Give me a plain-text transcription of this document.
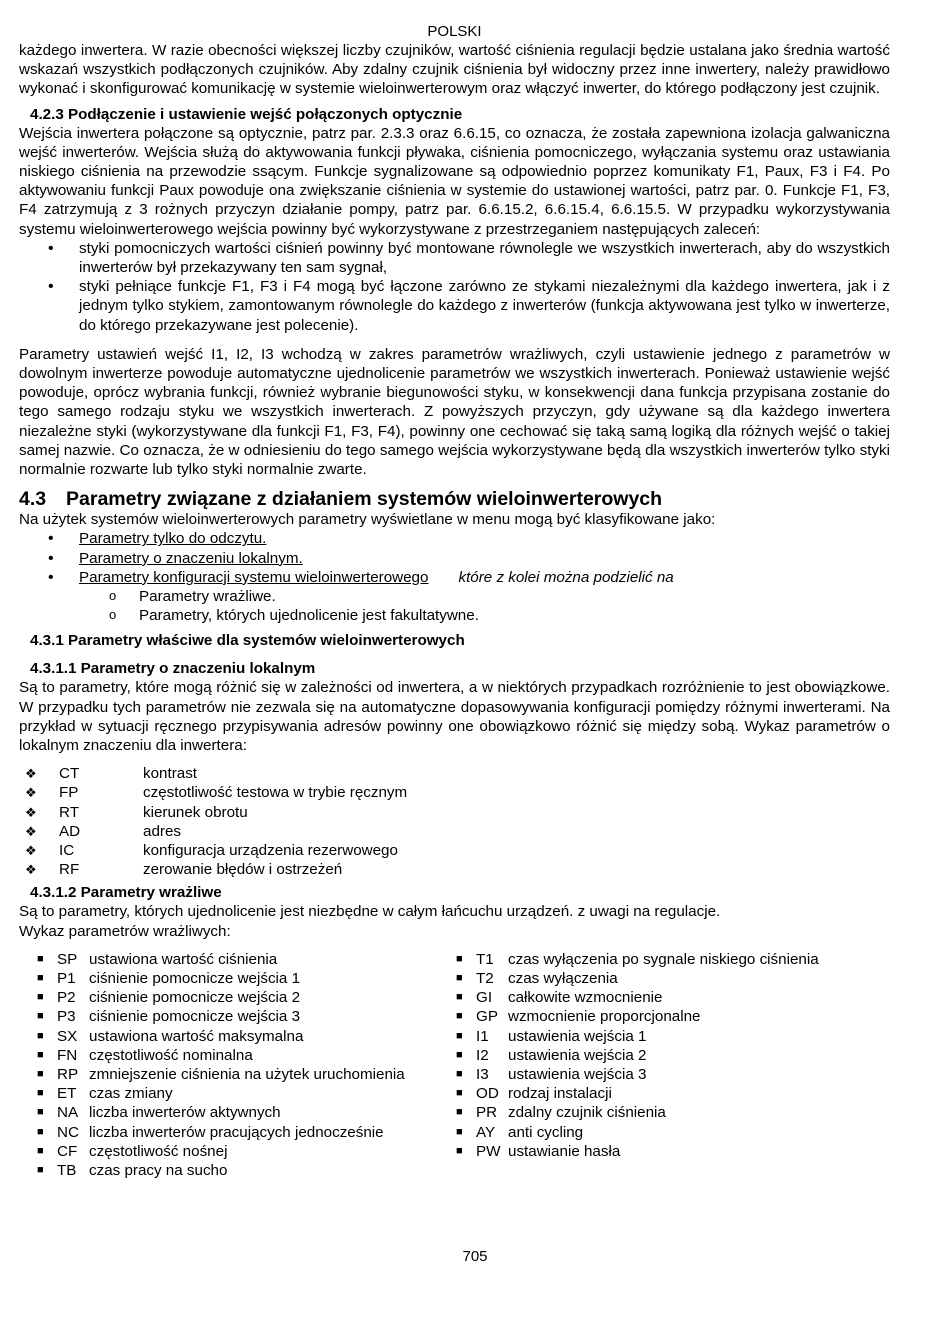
POLSKI

każdego inwertera. W razie obecności większej liczby czujników, wartość ciśnienia regulacji będzie ustalana jako średnia wartość wskazań wszystkich podłączonych czujników. Aby zdalny czujnik ciśnienia był widoczny przez inne inwertery, należy prawidłowo wykonać i skonfigurować komunikację w systemie wieloinwerterowym oraz włączyć inwerter, do którego podłączony jest czujnik.

4.2.3 Podłączenie i ustawienie wejść połączonych optycznie

Wejścia inwertera połączone są optycznie, patrz par. 2.3.3 oraz 6.6.15, co oznacza, że została zapewniona izolacja galwaniczna wejść inwerterów. Wejścia służą do aktywowania funkcji pływaka, ciśnienia pomocniczego, wyłączania systemu oraz ustawiania niskiego ciśnienia na przewodzie ssącym. Funkcje sygnalizowane są odpowiednio poprzez komunikaty F1, Paux, F3 i F4. Po aktywowaniu funkcji Paux powoduje ona zwiększanie ciśnienia w systemie do ustawionej wartości, patrz par. 0. Funkcje F1, F3, F4 zatrzymują z 3 rożnych przyczyn działanie pompy, patrz par. 6.6.15.2, 6.6.15.4, 6.6.15.5. W przypadku wykorzystywania systemu wieloinwerterowego wejścia powinny być wykorzystywane z przestrzeganiem następujących zaleceń:

• styki pomocniczych wartości ciśnień powinny być montowane równolegle we wszystkich inwerterach, aby do wszystkich inwerterów był przekazywany ten sam sygnał,
• styki pełniące funkcje F1, F3 i F4 mogą być łączone zarówno ze stykami niezależnymi dla każdego inwertera, jak i z jednym tylko stykiem, zamontowanym równolegle do każdego z inwerterów (funkcja aktywowana jest tylko w inwerterze, do którego przekazywane jest polecenie).

Parametry ustawień wejść I1, I2, I3 wchodzą w zakres parametrów wrażliwych, czyli ustawienie jednego z parametrów w dowolnym inwerterze powoduje automatyczne ujednolicenie parametrów we wszystkich inwerterach. Ponieważ ustawienie wejść powoduje, oprócz wybrania funkcji, również wybranie biegunowości styku, w konsekwencji dana funkcja przypisana zostanie do tego samego rodzaju styku we wszystkich inwerterach. Z powyższych przyczyn, gdy używane są dla każdego inwertera niezależne styki (wykorzystywane dla funkcji F1, F3, F4), powinny one cechować się taką samą logiką dla różnych wejść o takiej samej nazwie. Co oznacza, że w odniesieniu do tego samego wejścia wykorzystywane będą dla wszystkich inwerterów tylko styki normalnie rozwarte lub tylko styki normalnie zwarte.

4.3 Parametry związane z działaniem systemów wieloinwerterowych

Na użytek systemów wieloinwerterowych parametry wyświetlane w menu mogą być klasyfikowane jako:

• Parametry tylko do odczytu.
• Parametry o znaczeniu lokalnym.
• Parametry konfiguracji systemu wieloinwerterowego które z kolei można podzielić na
o Parametry wrażliwe.
o Parametry, których ujednolicenie jest fakultatywne.
4.3.1 Parametry właściwe dla systemów wieloinwerterowych
4.3.1.1 Parametry o znaczeniu lokalnym

Są to parametry, które mogą różnić się w zależności od inwertera, a w niektórych przypadkach rozróżnienie to jest obowiązkowe. W przypadku tych parametrów nie zezwala się na automatyczne dopasowywania konfiguracji pomiędzy różnymi inwerterami. Na przykład w sytuacji ręcznego przypisywania adresów powinny one obowiązkowo różnić się między sobą. Wykaz parametrów o lokalnym znaczeniu dla inwertera:

❖	CT	kontrast
❖	FP	częstotliwość testowa w trybie ręcznym
❖	RT	kierunek obrotu
❖	AD	adres
❖	IC	konfiguracja urządzenia rezerwowego
❖	RF	zerowanie błędów i ostrzeżeń
4.3.1.2 Parametry wrażliwe

Są to parametry, których ujednolicenie jest niezbędne w całym łańcuchu urządzeń. z uwagi na regulacje.

Wykaz parametrów wrażliwych:

■ SP ustawiona wartość ciśnienia
■ P1 ciśnienie pomocnicze wejścia 1
■ P2 ciśnienie pomocnicze wejścia 2
■ P3 ciśnienie pomocnicze wejścia 3
■ SX ustawiona wartość maksymalna
■ FN częstotliwość nominalna
■ RP zmniejszenie ciśnienia na użytek uruchomienia
■ ET czas zmiany
■ NA liczba inwerterów aktywnych
■ NC liczba inwerterów pracujących jednocześnie
■ CF częstotliwość nośnej
■ TB czas pracy na sucho
■ T1 czas wyłączenia po sygnale niskiego ciśnienia
■ T2 czas wyłączenia
■ GI	całkowite wzmocnienie
■ GP wzmocnienie proporcjonalne
■ I1	ustawienia wejścia 1
■ I2	ustawienia wejścia 2
■ I3	ustawienia wejścia 3
■ OD rodzaj instalacji
■ PR zdalny czujnik ciśnienia
■ AY anti cycling
■ PW ustawianie hasła
705
